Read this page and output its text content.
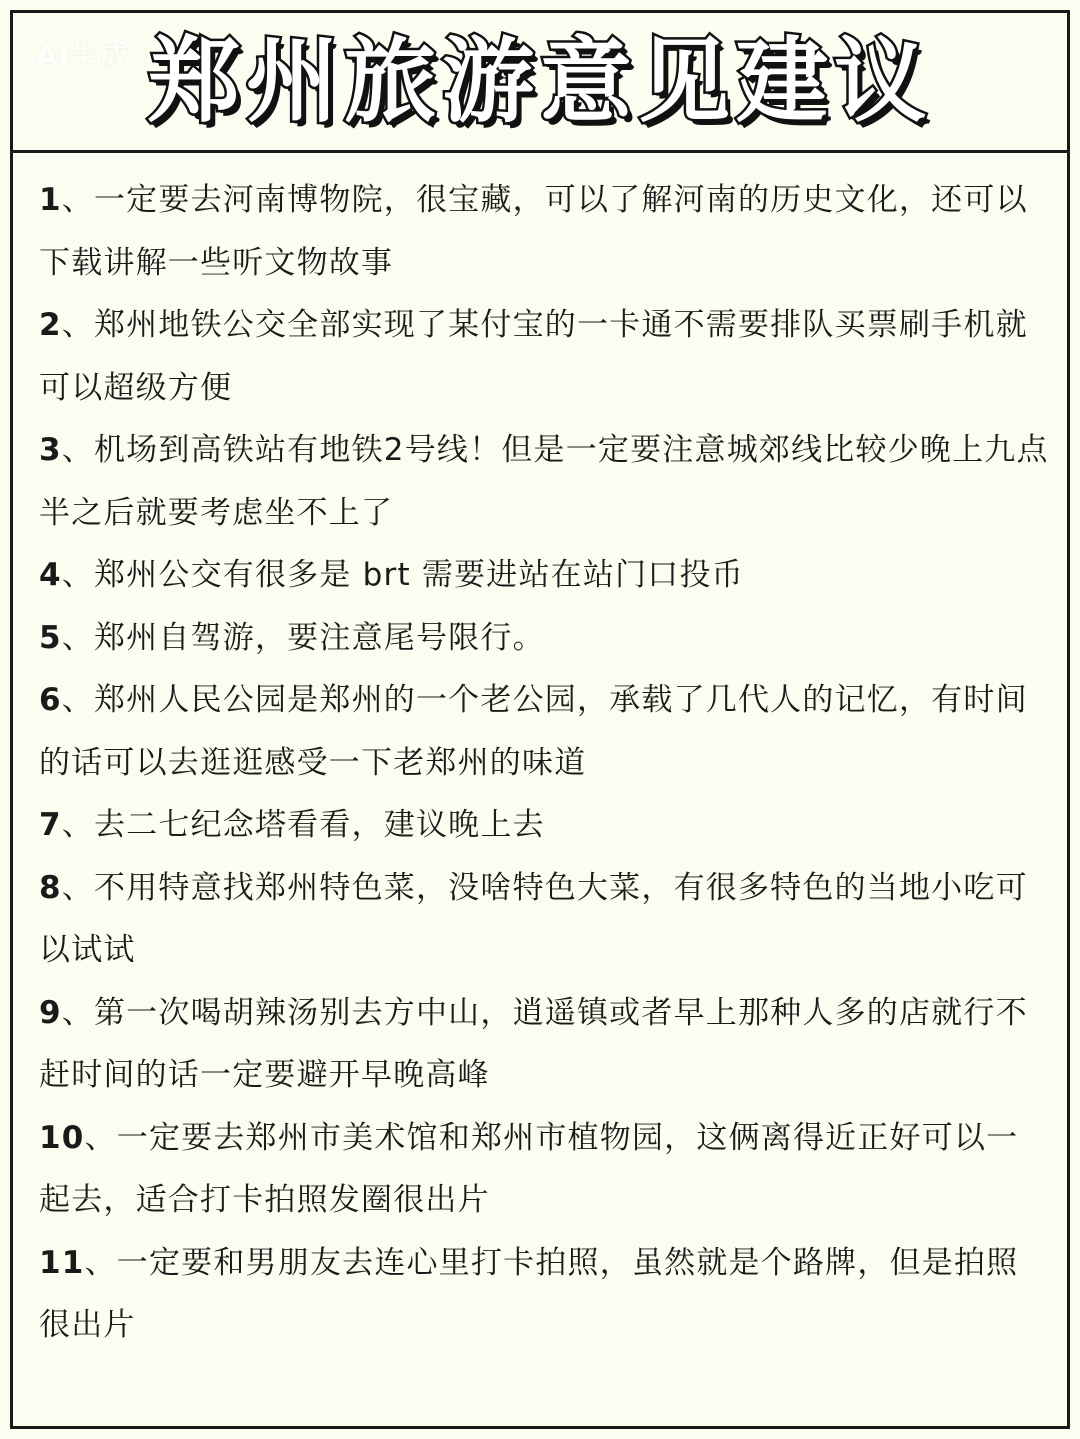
AI生成 郑州旅游意见建议

1、一定要去河南博物院，很宝藏，可以了解河南的历史文化，还可以下载讲解一些听文物故事

2、郑州地铁公交全部实现了某付宝的一卡通不需要排队买票刷手机就可以超级方便

3、机场到高铁站有地铁2号线！但是一定要注意城郊线比较少晚上九点半之后就要考虑坐不上了

4、郑州公交有很多是 brt 需要进站在站门口投币

5、郑州自驾游，要注意尾号限行。

6、郑州人民公园是郑州的一个老公园，承载了几代人的记忆，有时间的话可以去逛逛感受一下老郑州的味道

7、去二七纪念塔看看，建议晚上去

8、不用特意找郑州特色菜，没啥特色大菜，有很多特色的当地小吃可以试试

9、第一次喝胡辣汤别去方中山，逍遥镇或者早上那种人多的店就行不赶时间的话一定要避开早晚高峰

10、一定要去郑州市美术馆和郑州市植物园，这俩离得近正好可以一起去，适合打卡拍照发圈很出片

11、一定要和男朋友去连心里打卡拍照，虽然就是个路牌，但是拍照很出片
